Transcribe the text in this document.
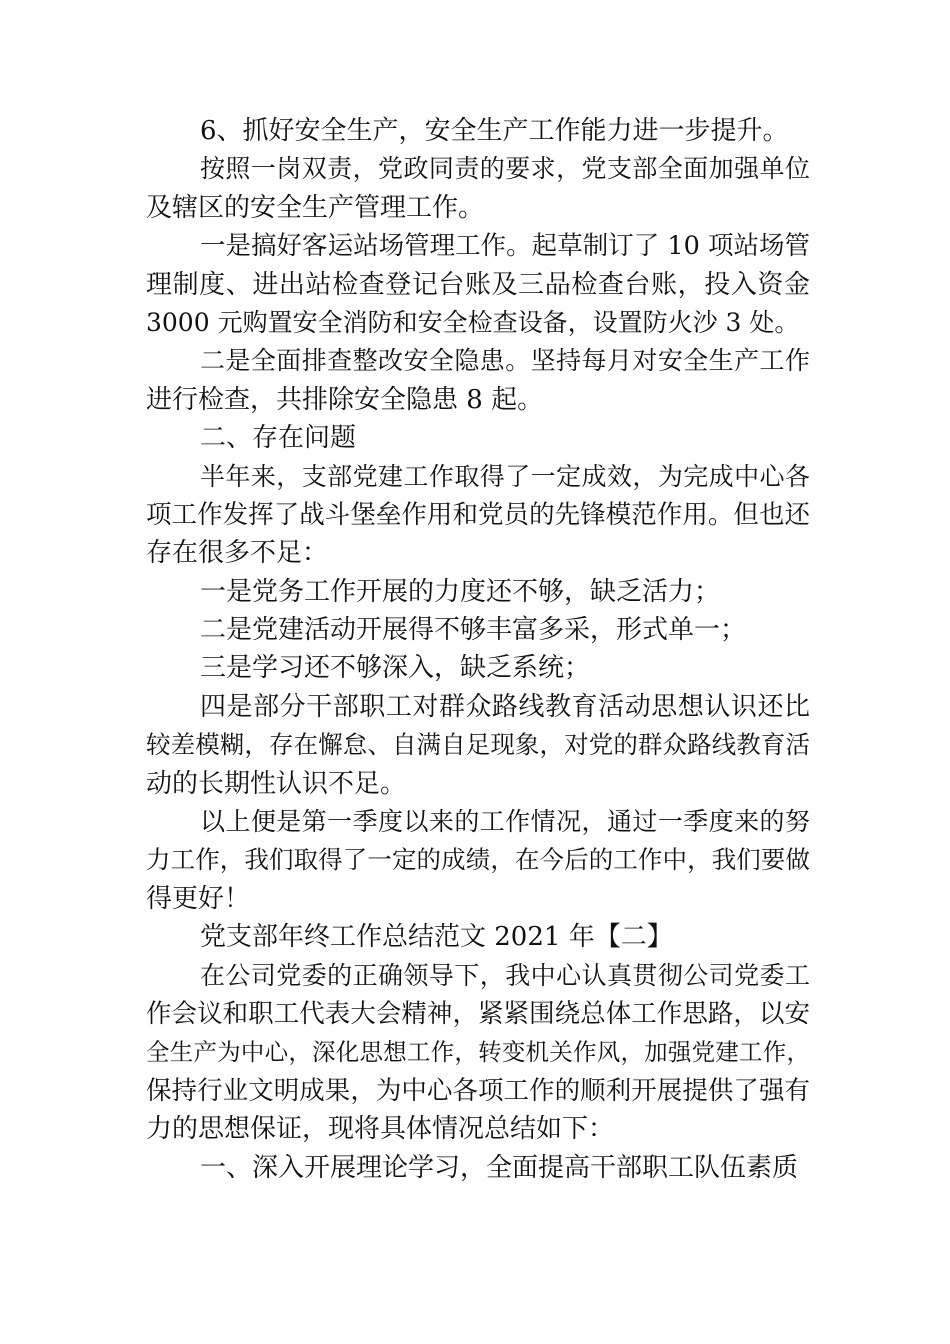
6、抓好安全生产，安全生产工作能力进一步提升。
按照一岗双责，党政同责的要求，党支部全面加强单位
及辖区的安全生产管理工作。
一是搞好客运站场管理工作。起草制订了 10 项站场管
理制度、进出站检查登记台账及三品检查台账，投入资金
3000 元购置安全消防和安全检查设备，设置防火沙 3 处。
二是全面排查整改安全隐患。坚持每月对安全生产工作
进行检查，共排除安全隐患 8 起。
二、存在问题
半年来，支部党建工作取得了一定成效，为完成中心各
项工作发挥了战斗堡垒作用和党员的先锋模范作用。但也还
存在很多不足：
一是党务工作开展的力度还不够，缺乏活力；
二是党建活动开展得不够丰富多采，形式单一；
三是学习还不够深入，缺乏系统；
四是部分干部职工对群众路线教育活动思想认识还比
较差模糊，存在懈怠、自满自足现象，对党的群众路线教育活
动的长期性认识不足。
以上便是第一季度以来的工作情况，通过一季度来的努
力工作，我们取得了一定的成绩，在今后的工作中，我们要做
得更好！
党支部年终工作总结范文 2021 年【二】
在公司党委的正确领导下，我中心认真贯彻公司党委工
作会议和职工代表大会精神，紧紧围绕总体工作思路，以安
全生产为中心，深化思想工作，转变机关作风，加强党建工作，
保持行业文明成果，为中心各项工作的顺利开展提供了强有
力的思想保证，现将具体情况总结如下：
一、深入开展理论学习，全面提高干部职工队伍素质
